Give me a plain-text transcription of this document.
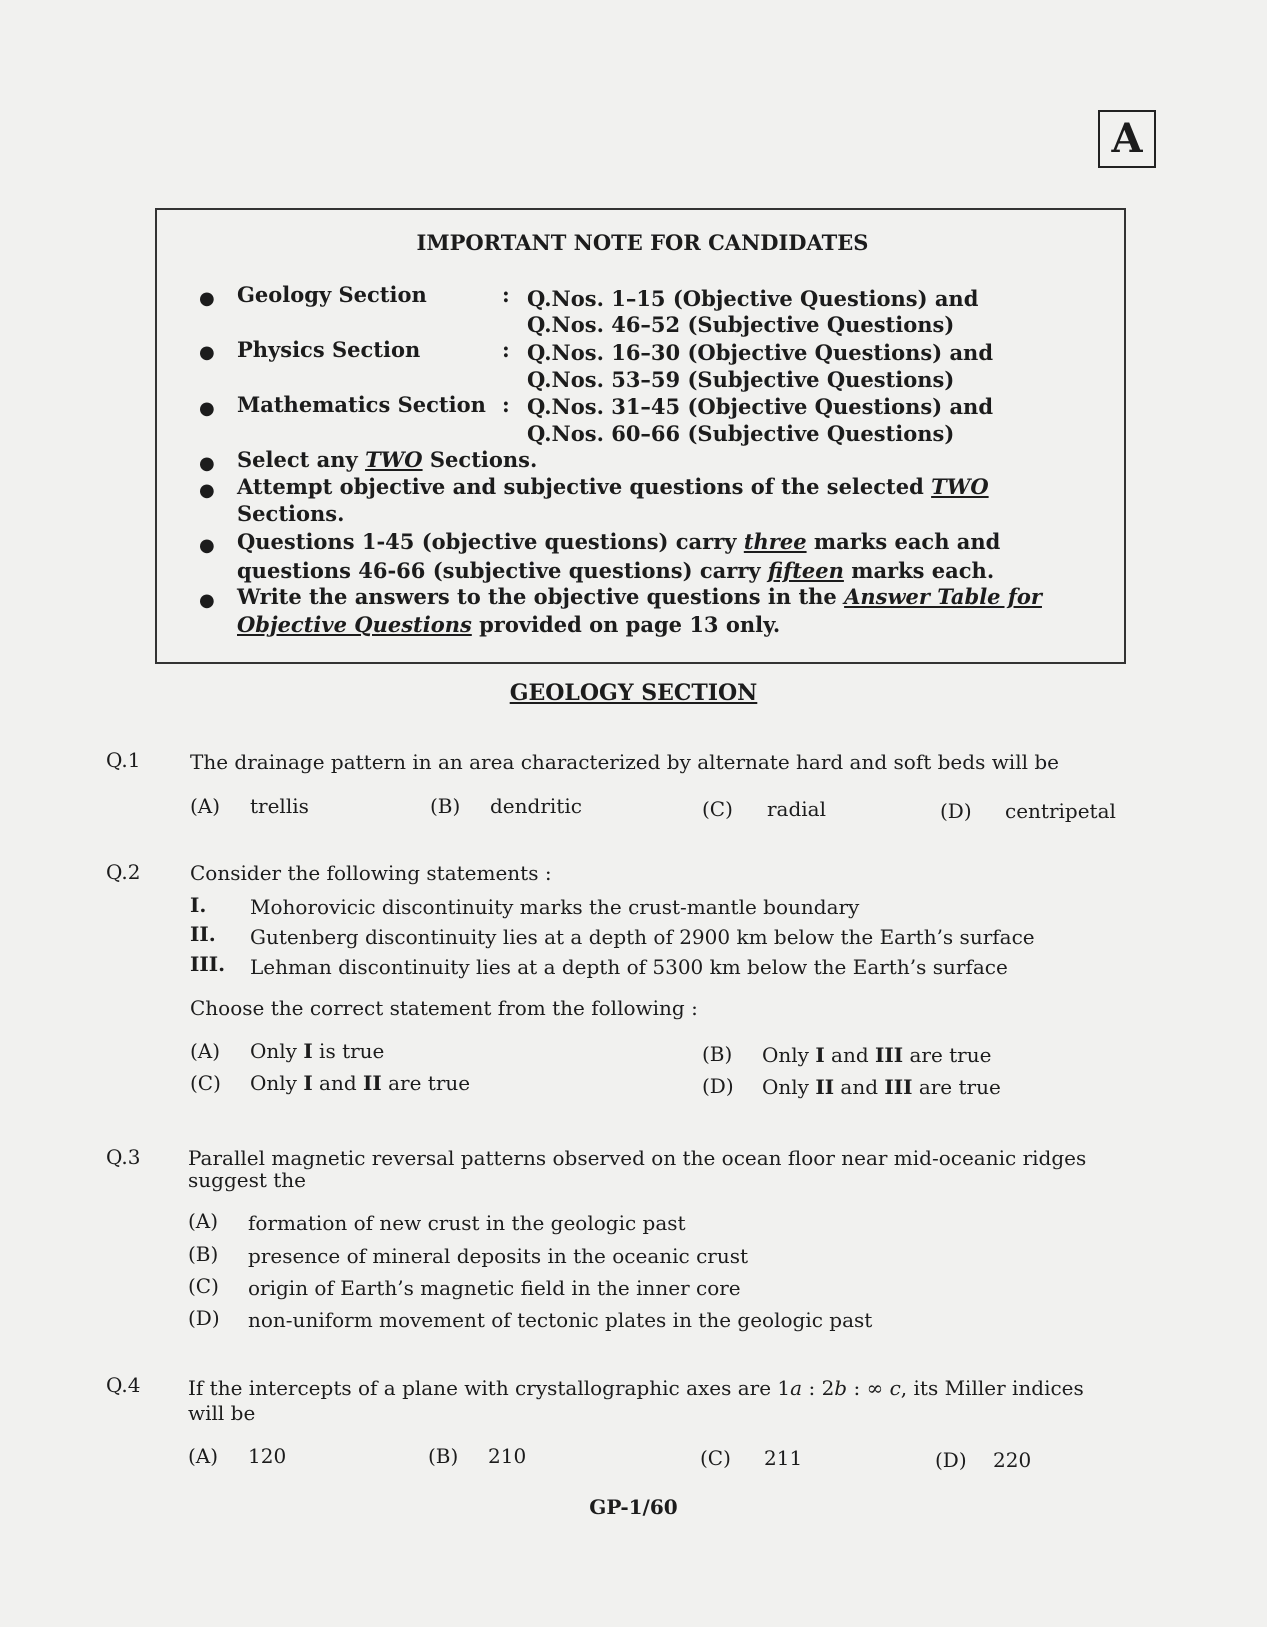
A
IMPORTANT NOTE FOR CANDIDATES
● Geology Section	: Q.Nos. 1–15 (Objective Questions) and
Q.Nos. 46–52 (Subjective Questions)
● Physics Section	: Q.Nos. 16–30 (Objective Questions) and
Q.Nos. 53–59 (Subjective Questions)
● Mathematics Section : Q.Nos. 31–45 (Objective Questions) and
Q.Nos. 60–66 (Subjective Questions)
● Select any TWO Sections.
● Attempt objective and subjective questions of the selected TWO
Sections.
● Questions 1-45 (objective questions) carry three marks each and
questions 46-66 (subjective questions) carry fifteen marks each.
● Write the answers to the objective questions in the Answer Table for
Objective Questions provided on page 13 only.
GEOLOGY SECTION
Q.1 The drainage pattern in an area characterized by alternate hard and soft beds will be
(A) trellis	(B) dendritic	(C) radial	(D) centripetal
Q.2 Consider the following statements :
I. Mohorovicic discontinuity marks the crust-mantle boundary
II. Gutenberg discontinuity lies at a depth of 2900 km below the Earth’s surface
III. Lehman discontinuity lies at a depth of 5300 km below the Earth’s surface
Choose the correct statement from the following :
(A) Only I is true	(B) Only I and III are true
(C) Only I and II are true	(D) Only II and III are true
Q.3 Parallel magnetic reversal patterns observed on the ocean floor near mid-oceanic ridges
suggest the
(A) formation of new crust in the geologic past
(B) presence of mineral deposits in the oceanic crust
(C) origin of Earth’s magnetic field in the inner core
(D) non-uniform movement of tectonic plates in the geologic past
Q.4 If the intercepts of a plane with crystallographic axes are 1a : 2b : ∞ c, its Miller indices
will be
(A) 120	(B) 210	(C) 211	(D) 220
GP-1/60
